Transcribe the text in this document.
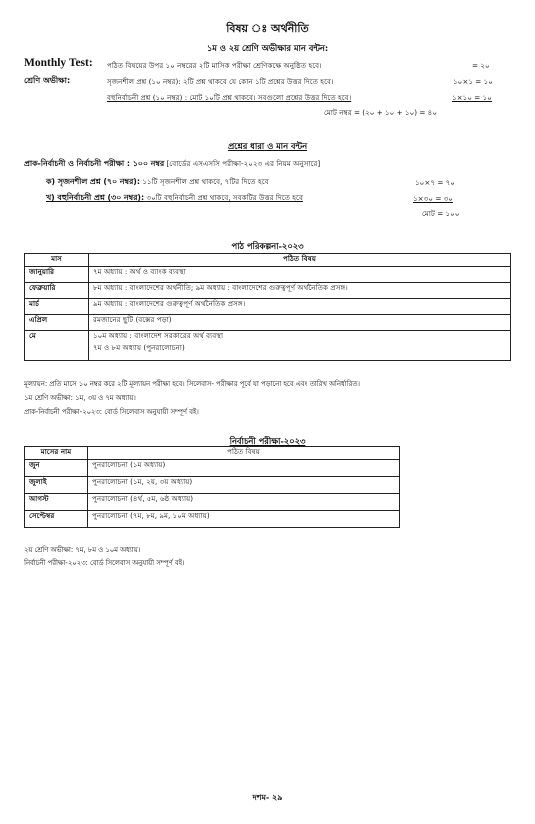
বিষয় ঃ অর্থনীতি
১ম ও ২য় শ্রেণি অভীক্ষার মান বন্টন:
Monthly Test: পঠিত বিষয়ের উপর ১০ নম্বরের ২টি মাসিক পরীক্ষা শ্রেণিকক্ষে অনুষ্ঠিত হবে।	= ২০
শ্রেণি অভীক্ষা:	সৃজনশীল প্রশ্ন (১০ নম্বর): ২টি প্রশ্ন থাকবে যে কোন ১টি প্রশ্নের উত্তর দিতে হবে।	১০×১ = ১০
বহুনির্বাচনী প্রশ্ন (১০ নম্বর) : মোট ১০টি প্রশ্ন থাকবে। সবগুলো প্রশ্নের উত্তর দিতে হবে।	১×১০ = ১০
মোট নম্বর = (২০ + ১০ + ১০) = ৪০
প্রশ্নের ধারা ও মান বন্টন
প্রাক-নির্বাচনী ও নির্বাচনী পরীক্ষা : ১০০ নম্বর [বোর্ডের এসএসসি পরীক্ষা-২০২৩ এর নিয়ম অনুসারে]
ক) সৃজনশীল প্রশ্ন (৭০ নম্বর): ১১টি সৃজনশীল প্রশ্ন থাকবে, ৭টির দিতে হবে	১০×৭ = ৭০
খ) বহুনির্বাচনী প্রশ্ন (৩০ নম্বর): ৩০টি বহুনির্বাচনী প্রশ্ন থাকবে, সবকটির উত্তর দিতে হবে	১×৩০ = ৩০
মোট = ১০০
পাঠ পরিকল্পনা-২০২৩
মাস	পঠিত বিষয়
জানুয়ারি	৭ম অধ্যায় : অর্থ ও ব্যাংক ব্যবস্থা
ফেব্রুয়ারি	৮ম অধ্যায় : বাংলাদেশের অর্থনীতি; ৯ম অধ্যায় : বাংলাদেশের গুরুত্বপূর্ণ অর্থনৈতিক প্রসঙ্গ।
মার্চ	৯ম অধ্যায় : বাংলাদেশের গুরুত্বপূর্ণ অর্থনৈতিক প্রসঙ্গ।
এপ্রিল	রমজানের ছুটি (বক্সের পড়া)
মে	১০ম অধ্যায় : বাংলাদেশ সরকারের অর্থ ব্যবস্থা
৭ম ও ৮ম অধ্যায় (পুনরালোচনা)
মূল্যায়ন: প্রতি মাসে ১০ নম্বর করে ২টি মূল্যায়ন পরীক্ষা হবে। সিলেবাস- পরীক্ষার পূর্বে যা পড়ানো হবে এবং তারিখ অনির্ধারিত।
১ম শ্রেণি অভীক্ষা: ১ম, ৩য় ও ৭ম অধ্যায়।
প্রাক-নির্বাচনী পরীক্ষা-২০২৩: বোর্ড সিলেবাস অনুযায়ী সম্পূর্ণ বই।
নির্বাচনী পরীক্ষা-২০২৩
মাসের নাম	পঠিত বিষয়
জুন	পুনরালোচনা (১ম অধ্যায়)
জুলাই	পুনরালোচনা (১ম, ২য়, ৩য় অধ্যায়)
আগস্ট	পুনরালোচনা (৪র্থ, ৫ম, ৬ষ্ঠ অধ্যায়)
সেপ্টেম্বর	পুনরালোচনা (৭ম, ৮ম, ৯ম, ১০ম অধ্যায়)
২য় শ্রেণি অভীক্ষা: ৭ম, ৮ম ও ১০ম অধ্যায়।
নির্বাচনী পরীক্ষা-২০২৩: বোর্ড সিলেবাস অনুযায়ী সম্পূর্ণ বই।
দশম- ২৯
